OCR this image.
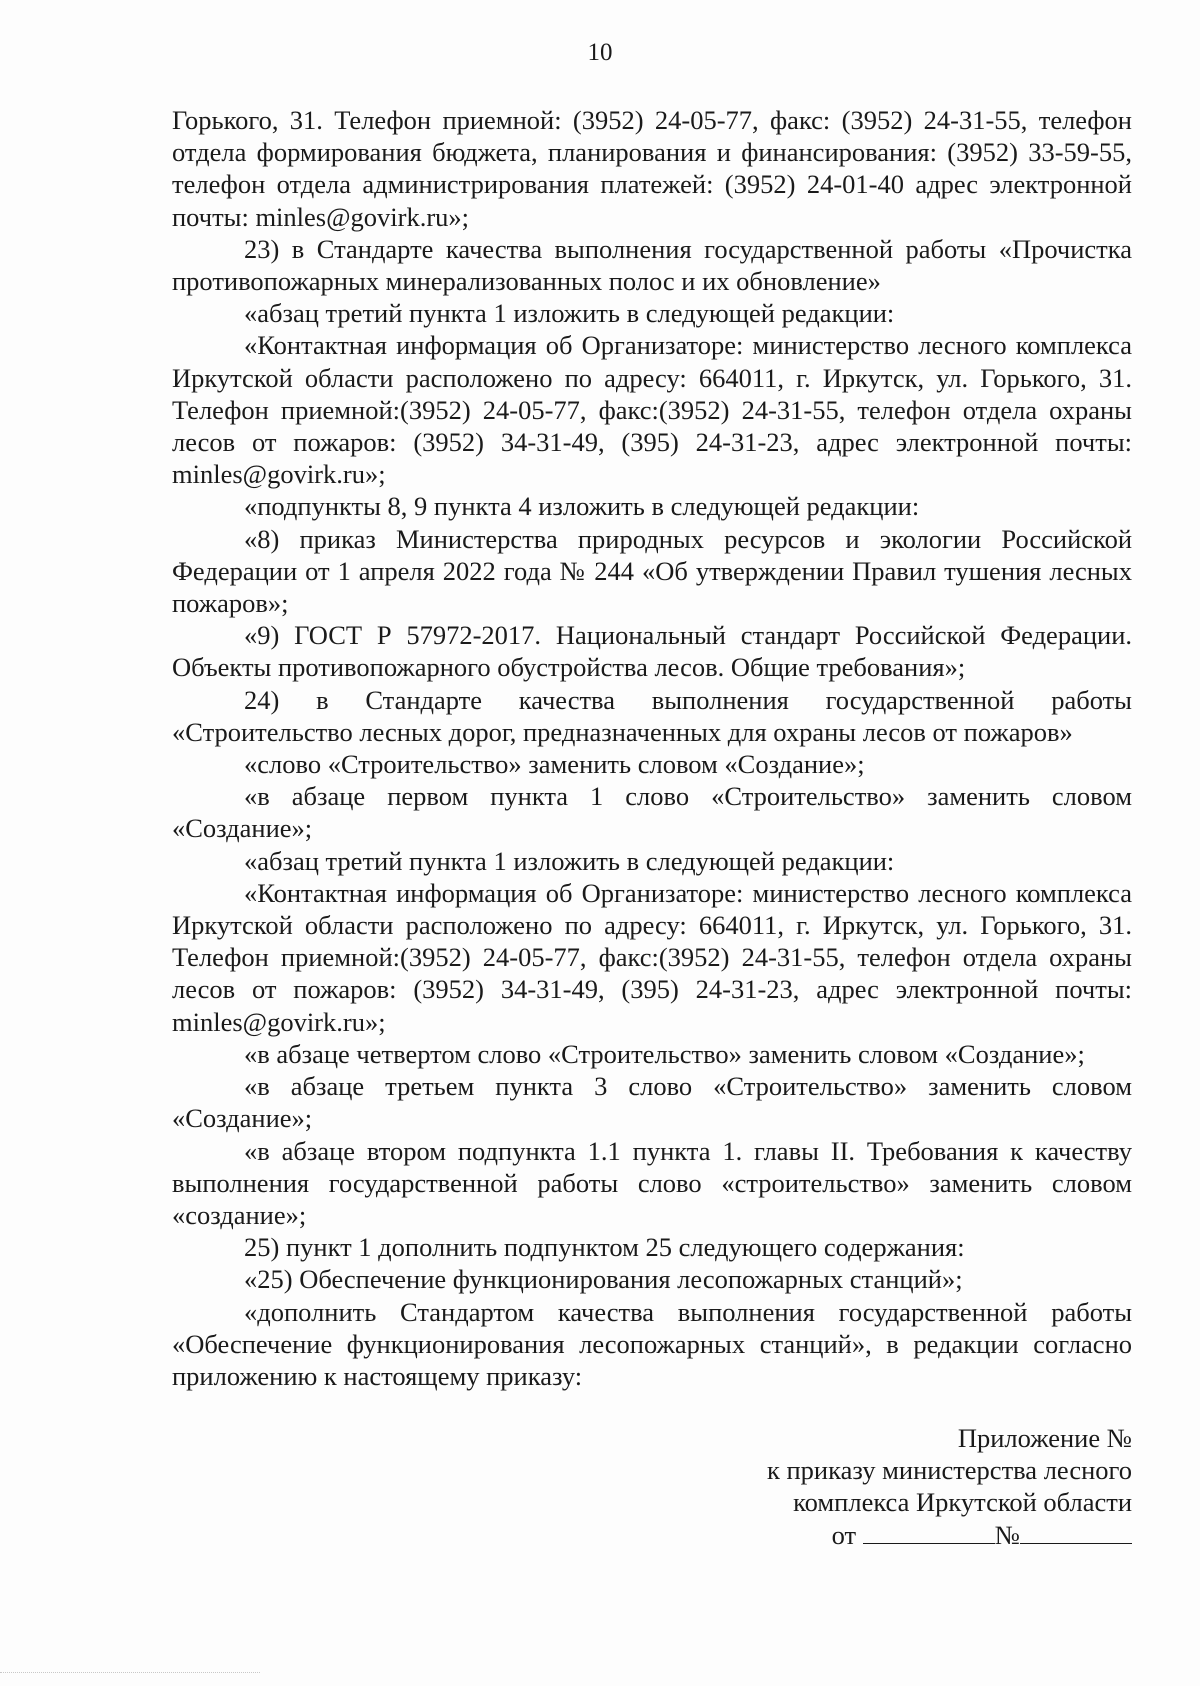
10

Горького, 31. Телефон приемной: (3952) 24-05-77, факс: (3952) 24-31-55, телефон отдела формирования бюджета, планирования и финансирования: (3952) 33-59-55, телефон отдела администрирования платежей: (3952) 24-01-40 адрес электронной почты: minles@govirk.ru»;

23) в Стандарте качества выполнения государственной работы «Прочистка противопожарных минерализованных полос и их обновление»

«абзац третий пункта 1 изложить в следующей редакции:

«Контактная информация об Организаторе: министерство лесного комплекса Иркутской области расположено по адресу: 664011, г. Иркутск, ул. Горького, 31. Телефон приемной:(3952) 24-05-77, факс:(3952) 24-31-55, телефон отдела охраны лесов от пожаров: (3952) 34-31-49, (395) 24-31-23, адрес электронной почты: minles@govirk.ru»;

«подпункты 8, 9 пункта 4 изложить в следующей редакции:

«8) приказ Министерства природных ресурсов и экологии Российской Федерации от 1 апреля 2022 года № 244 «Об утверждении Правил тушения лесных пожаров»;

«9) ГОСТ Р 57972-2017. Национальный стандарт Российской Федерации. Объекты противопожарного обустройства лесов. Общие требования»;

24) в Стандарте качества выполнения государственной работы «Строительство лесных дорог, предназначенных для охраны лесов от пожаров»

«слово «Строительство» заменить словом «Создание»;

«в абзаце первом пункта 1 слово «Строительство» заменить словом «Создание»;

«абзац третий пункта 1 изложить в следующей редакции:

«Контактная информация об Организаторе: министерство лесного комплекса Иркутской области расположено по адресу: 664011, г. Иркутск, ул. Горького, 31. Телефон приемной:(3952) 24-05-77, факс:(3952) 24-31-55, телефон отдела охраны лесов от пожаров: (3952) 34-31-49, (395) 24-31-23, адрес электронной почты: minles@govirk.ru»;

«в абзаце четвертом слово «Строительство» заменить словом «Создание»;

«в абзаце третьем пункта 3 слово «Строительство» заменить словом «Создание»;

«в абзаце втором подпункта 1.1 пункта 1. главы II. Требования к качеству выполнения государственной работы слово «строительство» заменить словом «создание»;

25) пункт 1 дополнить подпунктом 25 следующего содержания:

«25) Обеспечение функционирования лесопожарных станций»;

«дополнить Стандартом качества выполнения государственной работы «Обеспечение функционирования лесопожарных станций», в редакции согласно приложению к настоящему приказу:

Приложение №
к приказу министерства лесного
комплекса Иркутской области
от	№
